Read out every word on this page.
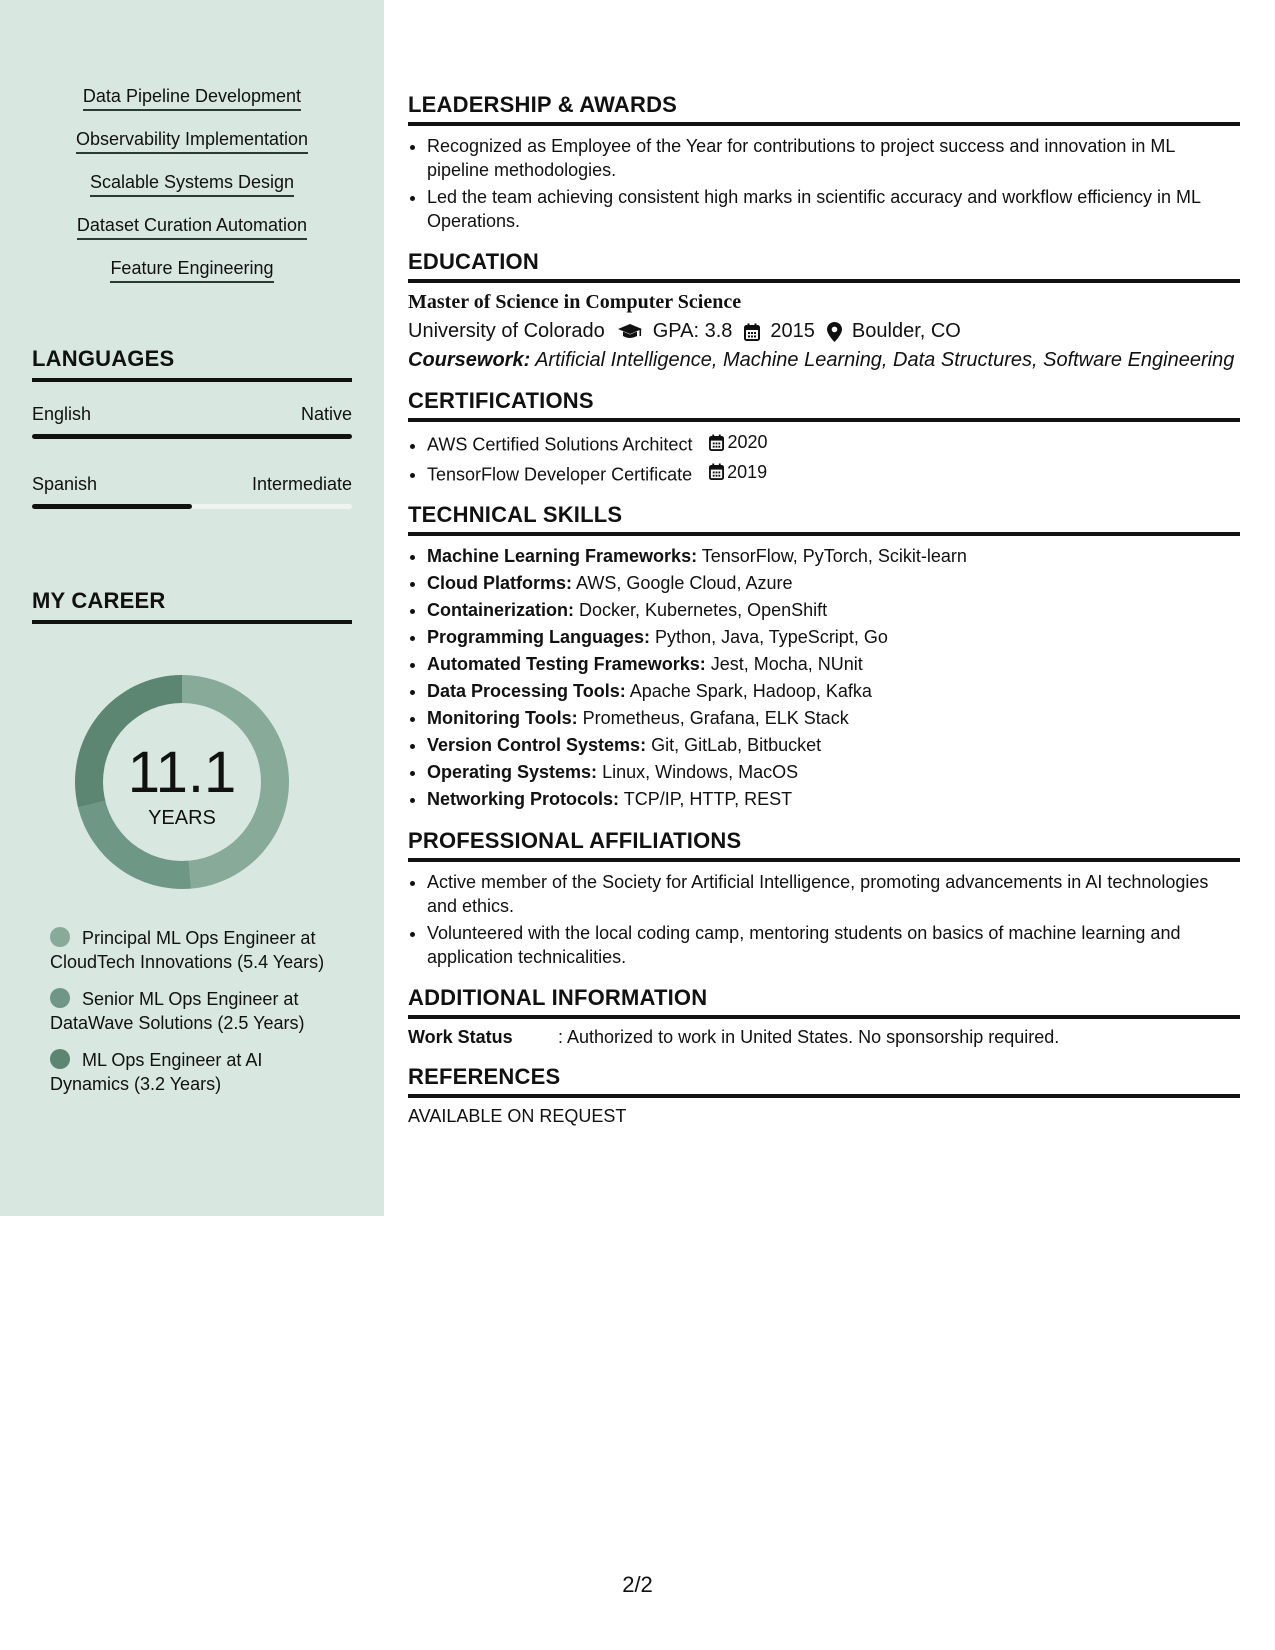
Data Pipeline Development
Observability Implementation
Scalable Systems Design
Dataset Curation Automation
Feature Engineering
LANGUAGES
English	Native
Spanish	Intermediate
MY CAREER
11.1
YEARS
Principal ML Ops Engineer at CloudTech Innovations (5.4 Years)
Senior ML Ops Engineer at DataWave Solutions (2.5 Years)
ML Ops Engineer at AI Dynamics (3.2 Years)
LEADERSHIP & AWARDS
• Recognized as Employee of the Year for contributions to project success and innovation in ML pipeline methodologies.
• Led the team achieving consistent high marks in scientific accuracy and workflow efficiency in ML Operations.
EDUCATION
Master of Science in Computer Science
University of Colorado GPA: 3.8 2015 Boulder, CO
Coursework: Artificial Intelligence, Machine Learning, Data Structures, Software Engineering
CERTIFICATIONS
• AWS Certified Solutions Architect 2020
• TensorFlow Developer Certificate 2019
TECHNICAL SKILLS
• Machine Learning Frameworks: TensorFlow, PyTorch, Scikit-learn
• Cloud Platforms: AWS, Google Cloud, Azure
• Containerization: Docker, Kubernetes, OpenShift
• Programming Languages: Python, Java, TypeScript, Go
• Automated Testing Frameworks: Jest, Mocha, NUnit
• Data Processing Tools: Apache Spark, Hadoop, Kafka
• Monitoring Tools: Prometheus, Grafana, ELK Stack
• Version Control Systems: Git, GitLab, Bitbucket
• Operating Systems: Linux, Windows, MacOS
• Networking Protocols: TCP/IP, HTTP, REST
PROFESSIONAL AFFILIATIONS
• Active member of the Society for Artificial Intelligence, promoting advancements in AI technologies and ethics.
• Volunteered with the local coding camp, mentoring students on basics of machine learning and application technicalities.
ADDITIONAL INFORMATION
Work Status	: Authorized to work in United States. No sponsorship required.
REFERENCES
AVAILABLE ON REQUEST
2/2
